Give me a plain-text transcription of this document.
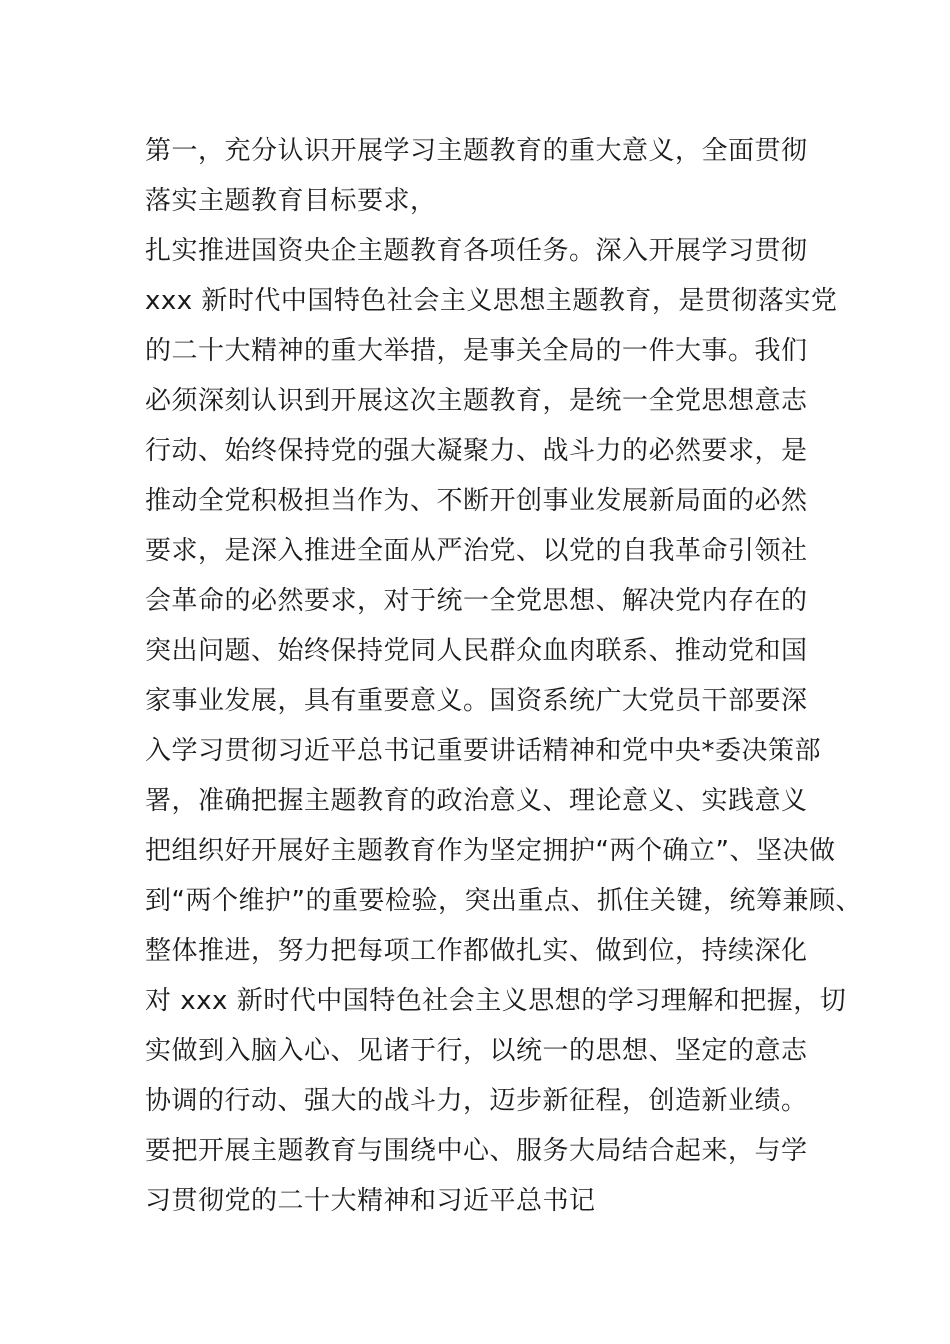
第一，充分认识开展学习主题教育的重大意义，全面贯彻
落实主题教育目标要求，
扎实推进国资央企主题教育各项任务。深入开展学习贯彻
xxx 新时代中国特色社会主义思想主题教育，是贯彻落实党
的二十大精神的重大举措，是事关全局的一件大事。我们
必须深刻认识到开展这次主题教育，是统一全党思想意志
行动、始终保持党的强大凝聚力、战斗力的必然要求，是
推动全党积极担当作为、不断开创事业发展新局面的必然
要求，是深入推进全面从严治党、以党的自我革命引领社
会革命的必然要求，对于统一全党思想、解决党内存在的
突出问题、始终保持党同人民群众血肉联系、推动党和国
家事业发展，具有重要意义。国资系统广大党员干部要深
入学习贯彻习近平总书记重要讲话精神和党中央*委决策部
署，准确把握主题教育的政治意义、理论意义、实践意义
把组织好开展好主题教育作为坚定拥护“两个确立”、坚决做
到“两个维护”的重要检验，突出重点、抓住关键，统筹兼顾、
整体推进，努力把每项工作都做扎实、做到位，持续深化
对 xxx 新时代中国特色社会主义思想的学习理解和把握，切
实做到入脑入心、见诸于行，以统一的思想、坚定的意志
协调的行动、强大的战斗力，迈步新征程，创造新业绩。
要把开展主题教育与围绕中心、服务大局结合起来，与学
习贯彻党的二十大精神和习近平总书记
